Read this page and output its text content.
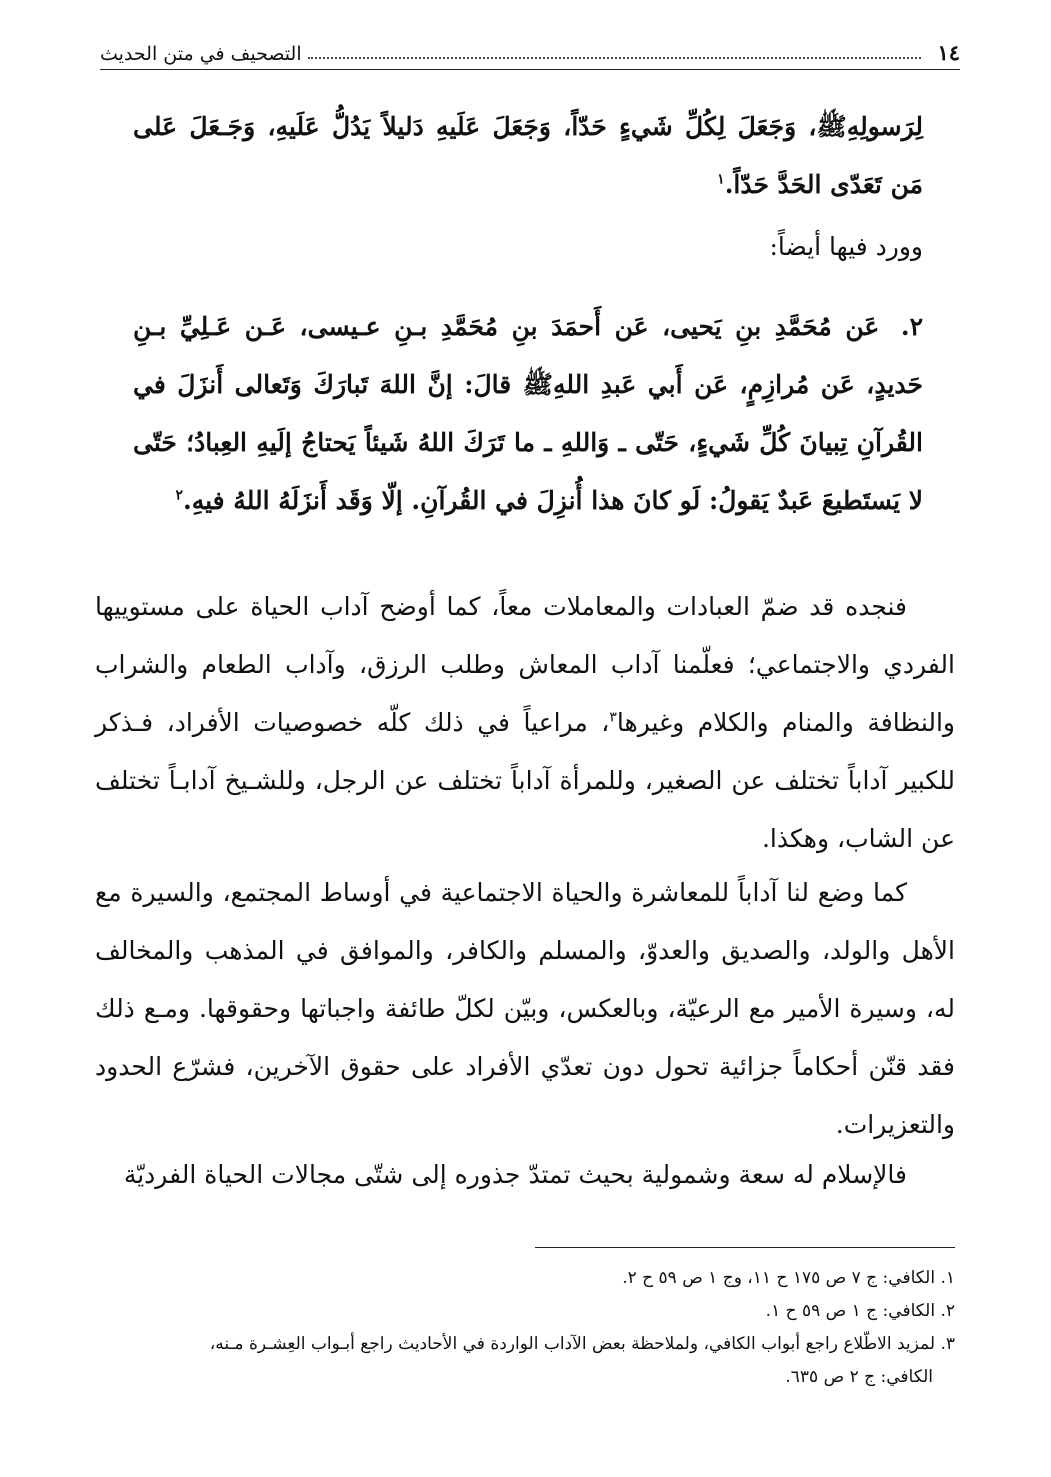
١٤
التصحيف في متن الحديث
لِرَسولِهِﷺ، وَجَعَلَ لِكُلِّ شَيءٍ حَدّاً، وَجَعَلَ عَلَيهِ دَليلاً يَدُلُّ عَلَيهِ، وَجَـعَلَ عَلى مَن تَعَدّى الحَدَّ حَدّاً.$^١$
وورد فيها أيضاً:
٢. عَن مُحَمَّدِ بنِ يَحيى، عَن أَحمَدَ بنِ مُحَمَّدِ بـنِ عـيسى، عَـن عَـلِيِّ بـنِ حَديدٍ، عَن مُرازِمٍ، عَن أَبي عَبدِ اللهِﷺ قالَ: إنَّ اللهَ تَبارَكَ وَتَعالى أَنزَلَ في القُرآنِ تِبيانَ كُلِّ شَيءٍ، حَتّى ـ وَاللهِ ـ ما تَرَكَ اللهُ شَيئاً يَحتاجُ إلَيهِ العِبادُ؛ حَتّى لا يَستَطيعَ عَبدٌ يَقولُ: لَو كانَ هذا أُنزِلَ في القُرآنِ. إلّا وَقَد أَنزَلَهُ اللهُ فيهِ.$^٢$
فنجده قد ضمّ العبادات والمعاملات معاً، كما أوضح آداب الحياة على مستوييها الفردي والاجتماعي؛ فعلّمنا آداب المعاش وطلب الرزق، وآداب الطعام والشراب والنظافة والمنام والكلام وغيرها$^٣$، مراعياً في ذلك كلّه خصوصيات الأفراد، فـذكر للكبير آداباً تختلف عن الصغير، وللمرأة آداباً تختلف عن الرجل، وللشـيخ آدابـاً تختلف عن الشاب، وهكذا.
كما وضع لنا آداباً للمعاشرة والحياة الاجتماعية في أوساط المجتمع، والسيرة مع الأهل والولد، والصديق والعدوّ، والمسلم والكافر، والموافق في المذهب والمخالف له، وسيرة الأمير مع الرعيّة، وبالعكس، وبيّن لكلّ طائفة واجباتها وحقوقها. ومـع ذلك فقد قنّن أحكاماً جزائية تحول دون تعدّي الأفراد على حقوق الآخرين، فشرّع الحدود والتعزيرات.
فالإسلام له سعة وشمولية بحيث تمتدّ جذوره إلى شتّى مجالات الحياة الفرديّة

١. الكافي: ج ٧ ص ١٧٥ ح ١١، وج ١ ص ٥٩ ح ٢.

٢. الكافي: ج ١ ص ٥٩ ح ١.

٣. لمزيد الاطّلاع راجع أبواب الكافي، ولملاحظة بعض الآداب الواردة في الأحاديث راجع أبـواب العِشـرة مـنه،

الكافي: ج ٢ ص ٦٣٥.
